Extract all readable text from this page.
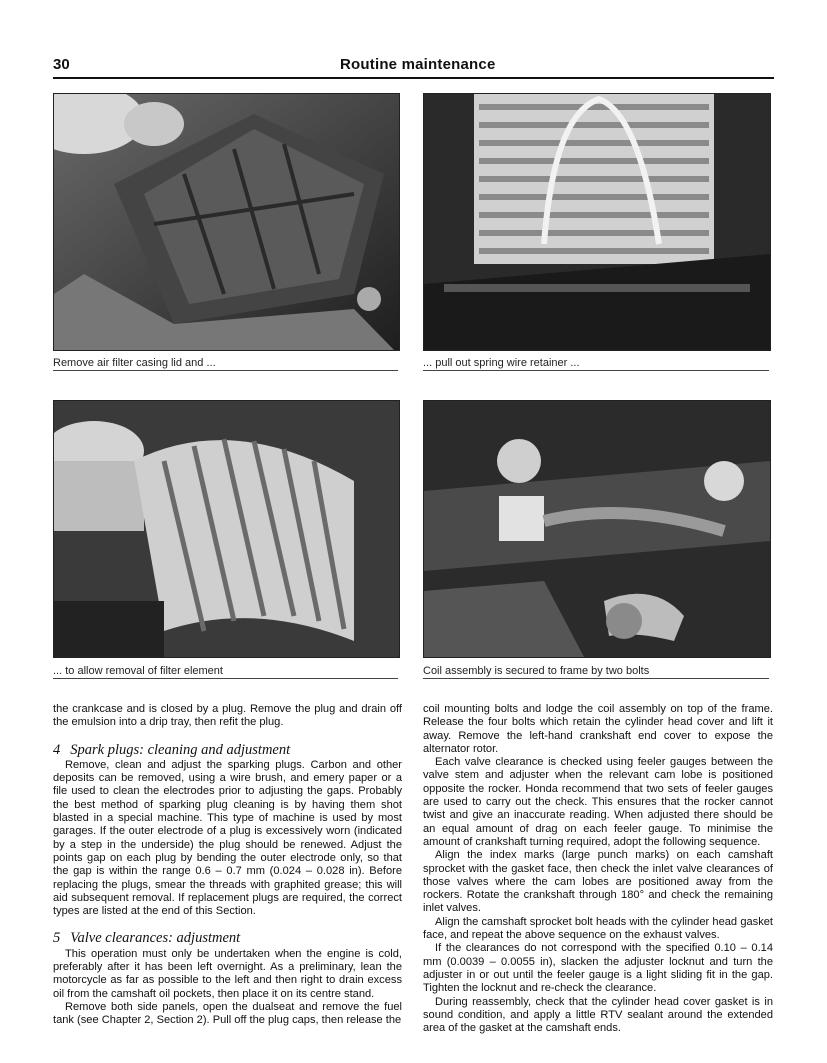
30	Routine maintenance
Remove air filter casing lid and ...	... pull out spring wire retainer ...
... to allow removal of filter element	Coil assembly is secured to frame by two bolts

the crankcase and is closed by a plug. Remove the plug and drain off the emulsion into a drip tray, then refit the plug.

4 Spark plugs: cleaning and adjustment

Remove, clean and adjust the sparking plugs. Carbon and other deposits can be removed, using a wire brush, and emery paper or a file used to clean the electrodes prior to adjusting the gaps. Probably the best method of sparking plug cleaning is by having them shot blasted in a special machine. This type of machine is used by most garages. If the outer electrode of a plug is excessively worn (indicated by a step in the underside) the plug should be renewed. Adjust the points gap on each plug by bending the outer electrode only, so that the gap is within the range 0.6 – 0.7 mm (0.024 – 0.028 in). Before replacing the plugs, smear the threads with graphited grease; this will aid subsequent removal. If replacement plugs are required, the correct types are listed at the end of this Section.

5 Valve clearances: adjustment

This operation must only be undertaken when the engine is cold, preferably after it has been left overnight. As a preliminary, lean the motorcycle as far as possible to the left and then right to drain excess oil from the camshaft oil pockets, then place it on its centre stand.

Remove both side panels, open the dualseat and remove the fuel tank (see Chapter 2, Section 2). Pull off the plug caps, then release the

coil mounting bolts and lodge the coil assembly on top of the frame. Release the four bolts which retain the cylinder head cover and lift it away. Remove the left-hand crankshaft end cover to expose the alternator rotor.

Each valve clearance is checked using feeler gauges between the valve stem and adjuster when the relevant cam lobe is positioned opposite the rocker. Honda recommend that two sets of feeler gauges are used to carry out the check. This ensures that the rocker cannot twist and give an inaccurate reading. When adjusted there should be an equal amount of drag on each feeler gauge. To minimise the amount of crankshaft turning required, adopt the following sequence.

Align the index marks (large punch marks) on each camshaft sprocket with the gasket face, then check the inlet valve clearances of those valves where the cam lobes are positioned away from the rockers. Rotate the crankshaft through 180° and check the remaining inlet valves.

Align the camshaft sprocket bolt heads with the cylinder head gasket face, and repeat the above sequence on the exhaust valves.

If the clearances do not correspond with the specified 0.10 – 0.14 mm (0.0039 – 0.0055 in), slacken the adjuster locknut and turn the adjuster in or out until the feeler gauge is a light sliding fit in the gap. Tighten the locknut and re-check the clearance.

During reassembly, check that the cylinder head cover gasket is in sound condition, and apply a little RTV sealant around the extended area of the gasket at the camshaft ends.
